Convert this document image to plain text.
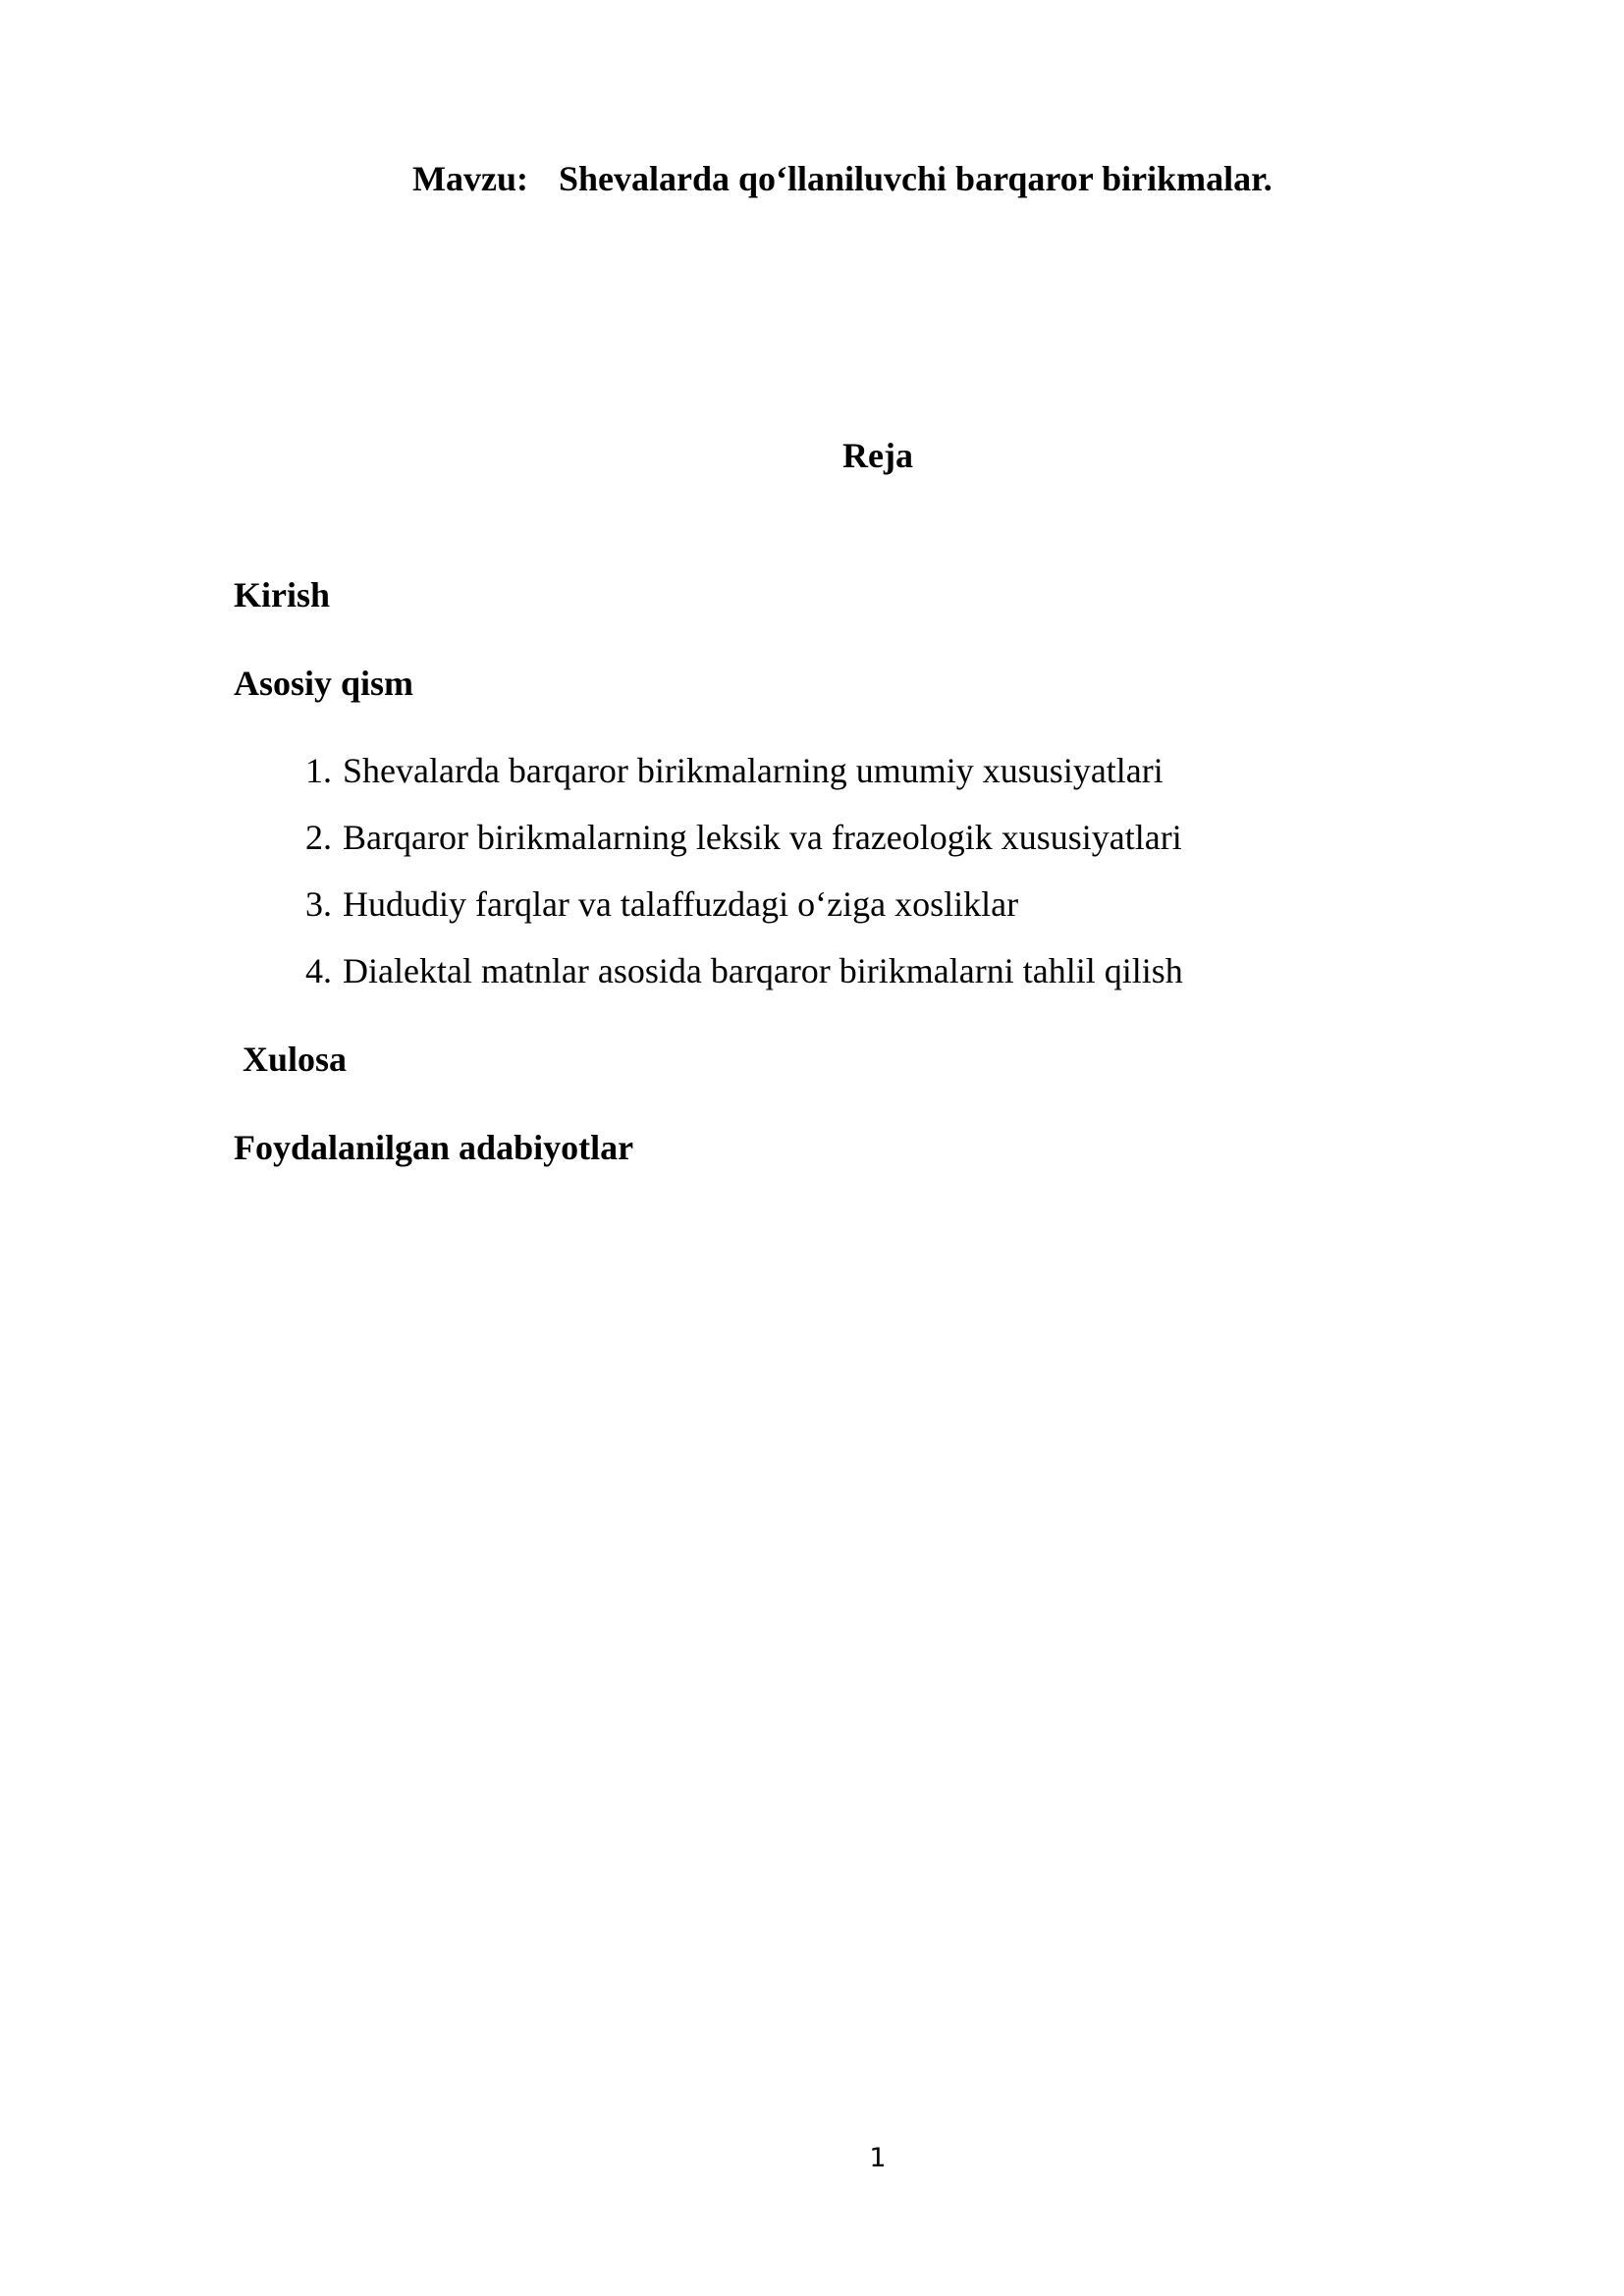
Mavzu: Shevalarda qo‘llaniluvchi barqaror birikmalar.
Reja
Kirish
Asosiy qism
1. Shevalarda barqaror birikmalarning umumiy xususiyatlari
2. Barqaror birikmalarning leksik va frazeologik xususiyatlari
3. Hududiy farqlar va talaffuzdagi o‘ziga xosliklar
4. Dialektal matnlar asosida barqaror birikmalarni tahlil qilish
Xulosa
Foydalanilgan adabiyotlar
1
